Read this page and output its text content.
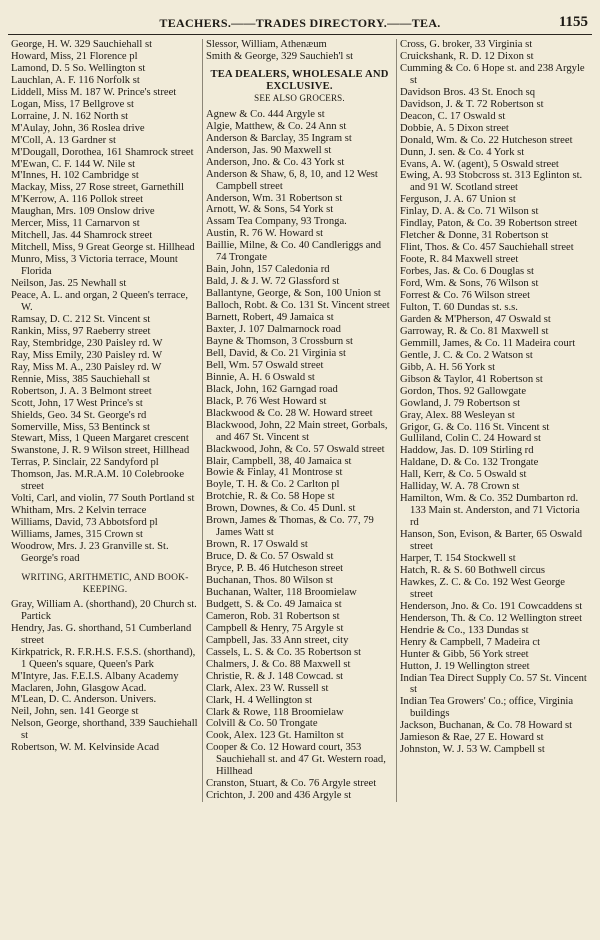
TEACHERS.——TRADES DIRECTORY.——TEA.	1155
George, H. W. 329 Sauchiehall st
Howard, Miss, 21 Florence pl
Lamond, D. 5 So. Wellington st
Lauchlan, A. F. 116 Norfolk st
Liddell, Miss M. 187 W. Prince's street
Logan, Miss, 17 Bellgrove st
Lorraine, J. N. 162 North st
M'Aulay, John, 36 Roslea drive
M'Coll, A. 13 Gardner st
M'Dougall, Dorothea, 161 Shamrock street
M'Ewan, C. F. 144 W. Nile st
M'Innes, H. 102 Cambridge st
Mackay, Miss, 27 Rose street, Garnethill
M'Kerrow, A. 116 Pollok street
Maughan, Mrs. 109 Onslow drive
Mercer, Miss, 11 Carnarvon st
Mitchell, Jas. 44 Shamrock street
Mitchell, Miss, 9 Great George st. Hillhead
Munro, Miss, 3 Victoria terrace, Mount Florida
Neilson, Jas. 25 Newhall st
Peace, A. L. and organ, 2 Queen's terrace, W.
Ramsay, D. C. 212 St. Vincent st
Rankin, Miss, 97 Raeberry street
Ray, Stembridge, 230 Paisley rd. W
Ray, Miss Emily, 230 Paisley rd. W
Ray, Miss M. A., 230 Paisley rd. W
Rennie, Miss, 385 Sauchiehall st
Robertson, J. A. 3 Belmont street
Scott, John, 17 West Prince's st
Shields, Geo. 34 St. George's rd
Somerville, Miss, 53 Bentinck st
Stewart, Miss, 1 Queen Margaret crescent
Swanstone, J. R. 9 Wilson street, Hillhead
Terras, P. Sinclair, 22 Sandyford pl
Thomson, Jas. M.R.A.M. 10 Colebrooke street
Volti, Carl, and violin, 77 South Portland st
Whitham, Mrs. 2 Kelvin terrace
Williams, David, 73 Abbotsford pl
Williams, James, 315 Crown st
Woodrow, Mrs. J. 23 Granville st. St. George's road
WRITING, ARITHMETIC, AND BOOK-KEEPING.
Gray, William A. (shorthand), 20 Church st. Partick
Hendry, Jas. G. shorthand, 51 Cumberland street
Kirkpatrick, R. F.R.H.S. F.S.S. (shorthand), 1 Queen's square, Queen's Park
M'Intyre, Jas. F.E.I.S. Albany Academy
Maclaren, John, Glasgow Acad.
M'Lean, D. C. Anderson. Univers.
Neil, John, sen. 141 George st
Nelson, George, shorthand, 339 Sauchiehall st
Robertson, W. M. Kelvinside Acad
Slessor, William, Athenæum
Smith & George, 329 Sauchieh'l st
TEA DEALERS, WHOLESALE AND EXCLUSIVE.
SEE ALSO GROCERS.
Agnew & Co. 444 Argyle st
Algie, Matthew, & Co. 24 Ann st
Anderson & Barclay, 35 Ingram st
Anderson, Jas. 90 Maxwell st
Anderson, Jno. & Co. 43 York st
Anderson & Shaw, 6, 8, 10, and 12 West Campbell street
Anderson, Wm. 31 Robertson st
Arnott, W. & Sons, 54 York st
Assam Tea Company, 93 Tronga.
Austin, R. 76 W. Howard st
Baillie, Milne, & Co. 40 Candleriggs and 74 Trongate
Bain, John, 157 Caledonia rd
Bald, J. & J. W. 72 Glassford st
Ballantyne, George, & Son, 100 Union st
Balloch, Robt. & Co. 131 St. Vincent street
Barnett, Robert, 49 Jamaica st
Baxter, J. 107 Dalmarnock road
Bayne & Thomson, 3 Crossburn st
Bell, David, & Co. 21 Virginia st
Bell, Wm. 57 Oswald street
Binnie, A. H. 6 Oswald st
Black, John, 162 Garngad road
Black, P. 76 West Howard st
Blackwood & Co. 28 W. Howard street
Blackwood, John, 22 Main street, Gorbals, and 467 St. Vincent st
Blackwood, John, & Co. 57 Oswald street
Blair, Campbell, 38, 40 Jamaica st
Bowie & Finlay, 41 Montrose st
Boyle, T. H. & Co. 2 Carlton pl
Brotchie, R. & Co. 58 Hope st
Brown, Downes, & Co. 45 Dunl. st
Brown, James & Thomas, & Co. 77, 79 James Watt st
Brown, R. 17 Oswald st
Bruce, D. & Co. 57 Oswald st
Bryce, P. B. 46 Hutcheson street
Buchanan, Thos. 80 Wilson st
Buchanan, Walter, 118 Broomielaw
Budgett, S. & Co. 49 Jamaica st
Cameron, Rob. 31 Robertson st
Campbell & Henry, 75 Argyle st
Campbell, Jas. 33 Ann street, city
Cassels, L. S. & Co. 35 Robertson st
Chalmers, J. & Co. 88 Maxwell st
Christie, R. & J. 148 Cowcad. st
Clark, Alex. 23 W. Russell st
Clark, H. 4 Wellington st
Clark & Rowe, 118 Broomielaw
Colvill & Co. 50 Trongate
Cook, Alex. 123 Gt. Hamilton st
Cooper & Co. 12 Howard court, 353 Sauchiehall st. and 47 Gt. Western road, Hillhead
Cranston, Stuart, & Co. 76 Argyle street
Crichton, J. 200 and 436 Argyle st
Cross, G. broker, 33 Virginia st
Cruickshank, R. D. 12 Dixon st
Cumming & Co. 6 Hope st. and 238 Argyle st
Davidson Bros. 43 St. Enoch sq
Davidson, J. & T. 72 Robertson st
Deacon, C. 17 Oswald st
Dobbie, A. 5 Dixon street
Donald, Wm. & Co. 22 Hutcheson street
Dunn, J. sen. & Co. 4 York st
Evans, A. W. (agent), 5 Oswald street
Ewing, A. 93 Stobcross st. 313 Eglinton st. and 91 W. Scotland street
Ferguson, J. A. 67 Union st
Finlay, D. A. & Co. 71 Wilson st
Findlay, Paton, & Co. 39 Robertson street
Fletcher & Donne, 31 Robertson st
Flint, Thos. & Co. 457 Sauchiehall street
Foote, R. 84 Maxwell street
Forbes, Jas. & Co. 6 Douglas st
Ford, Wm. & Sons, 76 Wilson st
Forrest & Co. 76 Wilson street
Fulton, T. 60 Dundas st. s.s.
Garden & M'Pherson, 47 Oswald st
Garroway, R. & Co. 81 Maxwell st
Gemmill, James, & Co. 11 Madeira court
Gentle, J. C. & Co. 2 Watson st
Gibb, A. H. 56 York st
Gibson & Taylor, 41 Robertson st
Gordon, Thos. 92 Gallowgate
Gowland, J. 79 Robertson st
Gray, Alex. 88 Wesleyan st
Grigor, G. & Co. 116 St. Vincent st
Gulliland, Colin C. 24 Howard st
Haddow, Jas. D. 109 Stirling rd
Haldane, D. & Co. 132 Trongate
Hall, Kerr, & Co. 5 Oswald st
Halliday, W. A. 78 Crown st
Hamilton, Wm. & Co. 352 Dumbarton rd. 133 Main st. Anderston, and 71 Victoria rd
Hanson, Son, Evison, & Barter, 65 Oswald street
Harper, T. 154 Stockwell st
Hatch, R. & S. 60 Bothwell circus
Hawkes, Z. C. & Co. 192 West George street
Henderson, Jno. & Co. 191 Cowcaddens st
Henderson, Th. & Co. 12 Wellington street
Hendrie & Co., 133 Dundas st
Henry & Campbell, 7 Madeira ct
Hunter & Gibb, 56 York street
Hutton, J. 19 Wellington street
Indian Tea Direct Supply Co. 57 St. Vincent st
Indian Tea Growers' Co.; office, Virginia buildings
Jackson, Buchanan, & Co. 78 Howard st
Jamieson & Rae, 27 E. Howard st
Johnston, W. J. 53 W. Campbell st
